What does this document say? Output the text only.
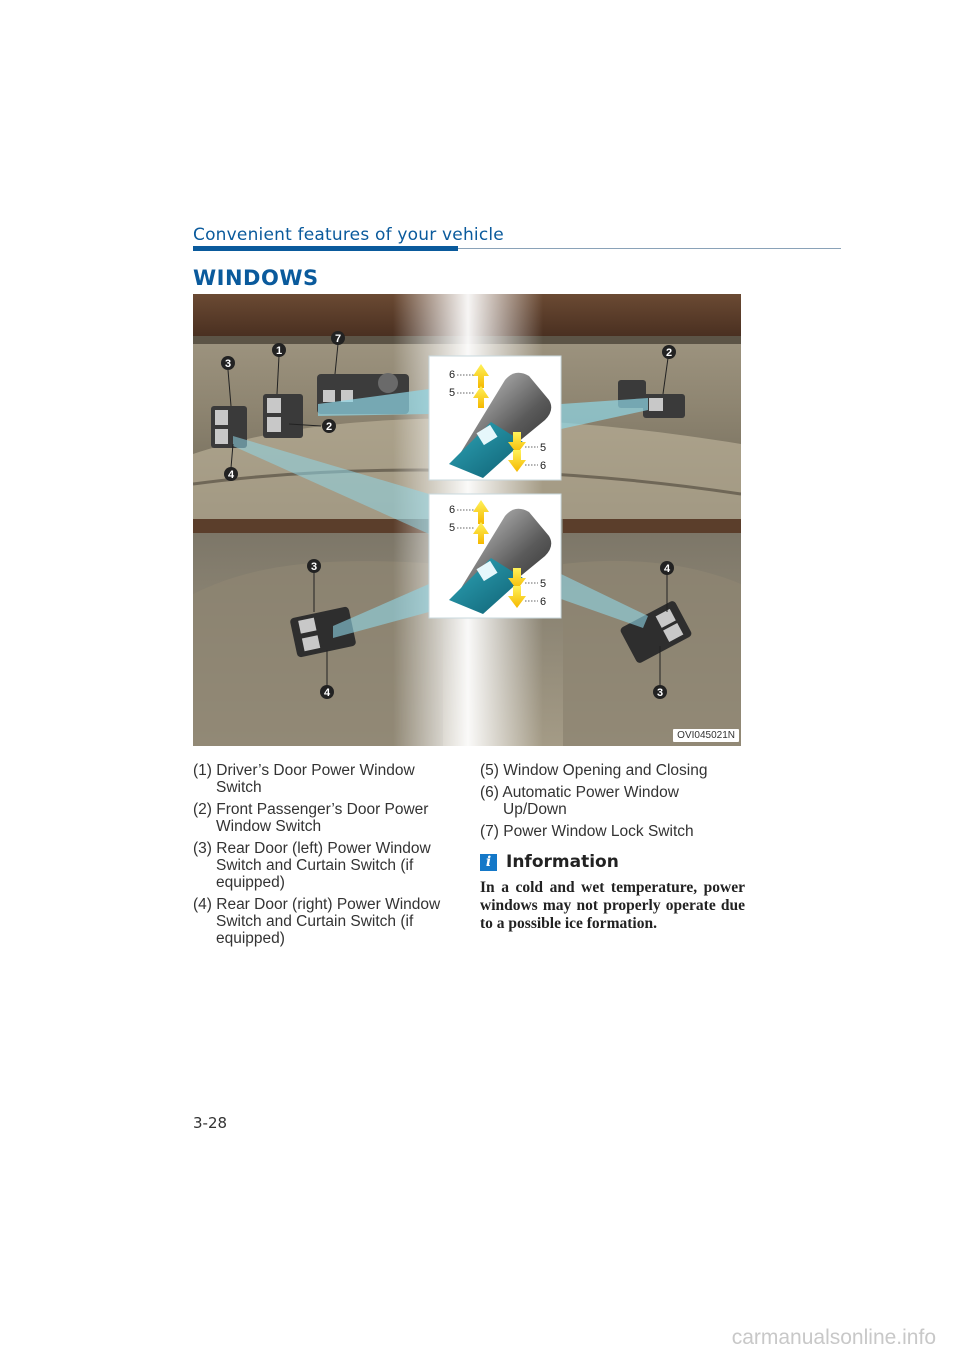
Convenient features of your vehicle
WINDOWS
3
1
7
2
2
4
3
4
4
3
6
5
5
6
6
5
5
6
OVI045021N
(1) Driver’s Door Power Window Switch
(2) Front Passenger’s Door Power Window Switch
(3) Rear Door (left) Power Window Switch and Curtain Switch (if equipped)
(4) Rear Door (right) Power Window Switch and Curtain Switch (if equipped)
(5) Window Opening and Closing
(6) Automatic Power Window Up/Down
(7) Power Window Lock Switch
i Information
In a cold and wet temperature, power windows may not properly operate due to a possible ice formation.
3-28
carmanualsonline.info
